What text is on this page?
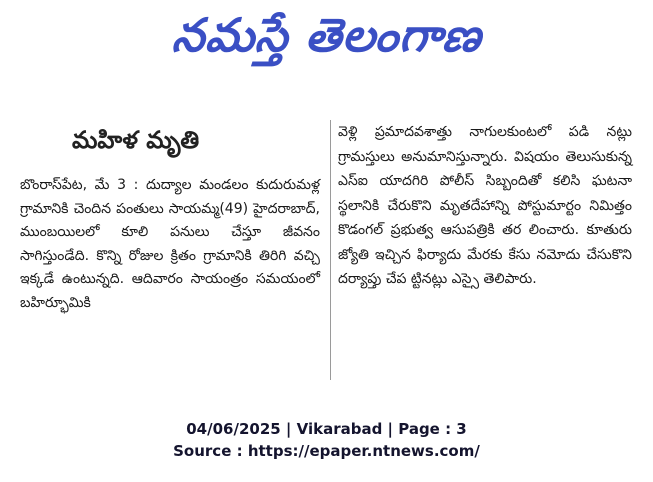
నమస్తే తెలంగాణ
మహిళ మృతి

బొంరాస్‌పేట, మే 3 : దుద్యాల మండలం కుదురుమళ్ల గ్రామానికి చెందిన పంతులు సాయమ్మ(49) హైదరాబాద్‌, ముంబయిలలో కూలి పనులు చేస్తూ జీవనం సాగిస్తుండేది. కొన్ని రోజుల క్రితం గ్రామానికి తిరిగి వచ్చి ఇక్కడే ఉంటున్నది. ఆదివారం సాయంత్రం సమయంలో బహిర్భూమికి

వెళ్లి ప్రమాదవశాత్తు నాగులకుంటలో పడి నట్లు గ్రామస్తులు అనుమానిస్తున్నారు. విషయం తెలుసుకున్న ఎస్‌ఐ యాదగిరి పోలీస్‌ సిబ్బందితో కలిసి ఘటనా స్థలానికి చేరుకొని మృతదేహాన్ని పోస్టుమార్టం నిమిత్తం కొడంగల్‌ ప్రభుత్వ ఆసుపత్రికి తర లించారు. కూతురు జ్యోతి ఇచ్చిన ఫిర్యాదు మేరకు కేసు నమోదు చేసుకొని దర్యాప్తు చేప ట్టినట్లు ఎస్సై తెలిపారు.

04/06/2025 | Vikarabad | Page : 3
Source : https://epaper.ntnews.com/
